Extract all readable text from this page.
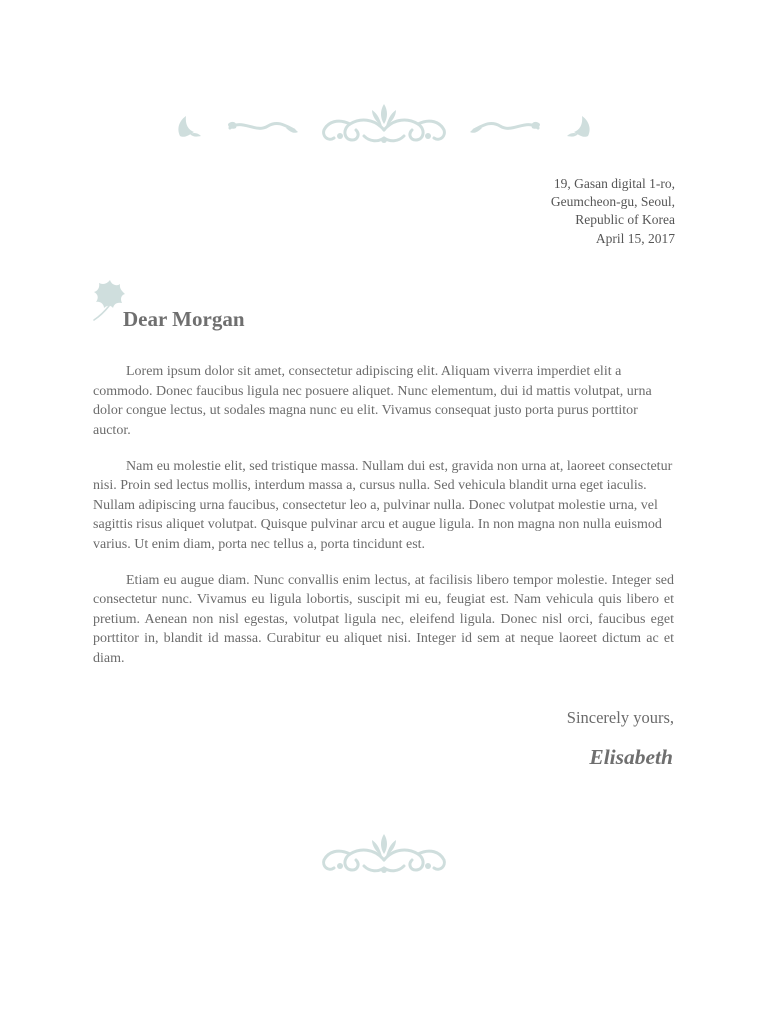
19, Gasan digital 1-ro,
Geumcheon-gu, Seoul,
Republic of Korea
April 15, 2017
Dear Morgan

Lorem ipsum dolor sit amet, consectetur adipiscing elit. Aliquam viverra imperdiet elit a commodo. Donec faucibus ligula nec posuere aliquet. Nunc elementum, dui id mattis volutpat, urna dolor congue lectus, ut sodales magna nunc eu elit. Vivamus consequat justo porta purus porttitor auctor.

Nam eu molestie elit, sed tristique massa. Nullam dui est, gravida non urna at, laoreet consectetur nisi. Proin sed lectus mollis, interdum massa a, cursus nulla. Sed vehicula blandit urna eget iaculis. Nullam adipiscing urna faucibus, consectetur leo a, pulvinar nulla. Donec volutpat molestie urna, vel sagittis risus aliquet volutpat. Quisque pulvinar arcu et augue ligula. In non magna non nulla euismod varius. Ut enim diam, porta nec tellus a, porta tincidunt est.

Etiam eu augue diam. Nunc convallis enim lectus, at facilisis libero tempor molestie. Integer sed consectetur nunc. Vivamus eu ligula lobortis, suscipit mi eu, feugiat est. Nam vehicula quis libero et pretium. Aenean non nisl egestas, volutpat ligula nec, eleifend ligula. Donec nisl orci, faucibus eget porttitor in, blandit id massa. Curabitur eu aliquet nisi. Integer id sem at neque laoreet dictum ac et diam.

Sincerely yours,
Elisabeth
